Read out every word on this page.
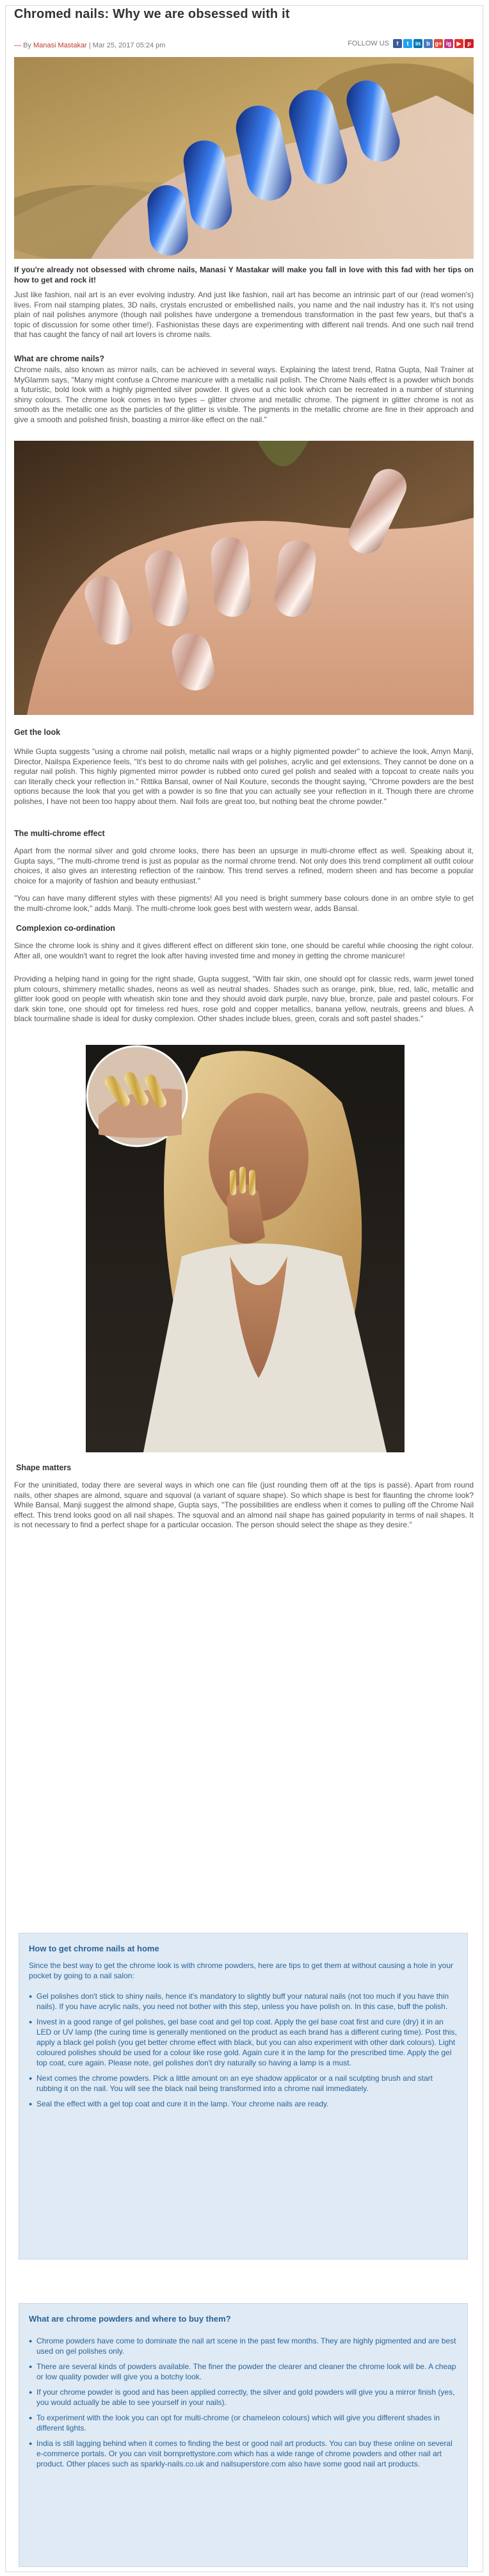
Chromed nails: Why we are obsessed with it
— By Manasi Mastakar | Mar 25, 2017 05:24 pm	FOLLOW US	f	t	in	b g+ ig ▶	p

If you're already not obsessed with chrome nails, Manasi Y Mastakar will make you fall in love with this fad with her tips on how to get and rock it!

Just like fashion, nail art is an ever evolving industry. And just like fashion, nail art has become an intrinsic part of our (read women's) lives. From nail stamping plates, 3D nails, crystals encrusted or embellished nails, you name and the nail industry has it. It's not using plain of nail polishes anymore (though nail polishes have undergone a tremendous transformation in the past few years, but that's a topic of discussion for some other time!). Fashionistas these days are experimenting with different nail trends. And one such nail trend that has caught the fancy of nail art lovers is chrome nails.

What are chrome nails?

Chrome nails, also known as mirror nails, can be achieved in several ways. Explaining the latest trend, Ratna Gupta, Nail Trainer at MyGlamm says, "Many might confuse a Chrome manicure with a metallic nail polish. The Chrome Nails effect is a powder which bonds a futuristic, bold look with a highly pigmented silver powder. It gives out a chic look which can be recreated in a number of stunning shiny colours. The chrome look comes in two types – glitter chrome and metallic chrome. The pigment in glitter chrome is not as smooth as the metallic one as the particles of the glitter is visible. The pigments in the metallic chrome are fine in their approach and give a smooth and polished finish, boasting a mirror-like effect on the nail."

Get the look

While Gupta suggests "using a chrome nail polish, metallic nail wraps or a highly pigmented powder" to achieve the look, Amyn Manji, Director, Nailspa Experience feels, "It's best to do chrome nails with gel polishes, acrylic and gel extensions. They cannot be done on a regular nail polish. This highly pigmented mirror powder is rubbed onto cured gel polish and sealed with a topcoat to create nails you can literally check your reflection in." Rittika Bansal, owner of Nail Kouture, seconds the thought saying, "Chrome powders are the best options because the look that you get with a powder is so fine that you can actually see your reflection in it. Though there are chrome polishes, I have not been too happy about them. Nail foils are great too, but nothing beat the chrome powder."

The multi-chrome effect

Apart from the normal silver and gold chrome looks, there has been an upsurge in multi-chrome effect as well. Speaking about it, Gupta says, "The multi-chrome trend is just as popular as the normal chrome trend. Not only does this trend compliment all outfit colour choices, it also gives an interesting reflection of the rainbow. This trend serves a refined, modern sheen and has become a popular choice for a majority of fashion and beauty enthusiast."

"You can have many different styles with these pigments! All you need is bright summery base colours done in an ombre style to get the multi-chrome look," adds Manji. The multi-chrome look goes best with western wear, adds Bansal.

Complexion co-ordination

Since the chrome look is shiny and it gives different effect on different skin tone, one should be careful while choosing the right colour. After all, one wouldn't want to regret the look after having invested time and money in getting the chrome manicure!

Providing a helping hand in going for the right shade, Gupta suggest, "With fair skin, one should opt for classic reds, warm jewel toned plum colours, shimmery metallic shades, neons as well as neutral shades. Shades such as orange, pink, blue, red, lalic, metallic and glitter look good on people with wheatish skin tone and they should avoid dark purple, navy blue, bronze, pale and pastel colours. For dark skin tone, one should opt for timeless red hues, rose gold and copper metallics, banana yellow, neutrals, greens and blues. A black tourmaline shade is ideal for dusky complexion. Other shades include blues, green, corals and soft pastel shades."

Shape matters

For the uninitiated, today there are several ways in which one can file (just rounding them off at the tips is passé). Apart from round nails, other shapes are almond, square and squoval (a variant of square shape). So which shape is best for flaunting the chrome look? While Bansal, Manji suggest the almond shape, Gupta says, "The possibilities are endless when it comes to pulling off the Chrome Nail effect. This trend looks good on all nail shapes. The squoval and an almond nail shape has gained popularity in terms of nail shapes. It is not necessary to find a perfect shape for a particular occasion. The person should select the shape as they desire."

How to get chrome nails at home

Since the best way to get the chrome look is with chrome powders, here are tips to get them at without causing a hole in your pocket by going to a nail salon:

● Gel polishes don't stick to shiny nails, hence it's mandatory to slightly buff your natural nails (not too much if you have thin nails). If you have acrylic nails, you need not bother with this step, unless you have polish on. In this case, buff the polish.
● Invest in a good range of gel polishes, gel base coat and gel top coat. Apply the gel base coat first and cure (dry) it in an LED or UV lamp (the curing time is generally mentioned on the product as each brand has a different curing time). Post this, apply a black gel polish (you get better chrome effect with black, but you can also experiment with other dark colours). Light coloured polishes should be used for a colour like rose gold. Again cure it in the lamp for the prescribed time. Apply the gel top coat, cure again. Please note, gel polishes don't dry naturally so having a lamp is a must.
● Next comes the chrome powders. Pick a little amount on an eye shadow applicator or a nail sculpting brush and start rubbing it on the nail. You will see the black nail being transformed into a chrome nail immediately.
● Seal the effect with a gel top coat and cure it in the lamp. Your chrome nails are ready.
What are chrome powders and where to buy them?
● Chrome powders have come to dominate the nail art scene in the past few months. They are highly pigmented and are best used on gel polishes only.
● There are several kinds of powders available. The finer the powder the clearer and cleaner the chrome look will be. A cheap or low quality powder will give you a botchy look.
● If your chrome powder is good and has been applied correctly, the silver and gold powders will give you a mirror finish (yes, you would actually be able to see yourself in your nails).
● To experiment with the look you can opt for multi-chrome (or chameleon colours) which will give you different shades in different lights.
● India is still lagging behind when it comes to finding the best or good nail art products. You can buy these online on several e-commerce portals. Or you can visit bornprettystore.com which has a wide range of chrome powders and other nail art product. Other places such as sparkly-nails.co.uk and nailsuperstore.com also have some good nail art products.
